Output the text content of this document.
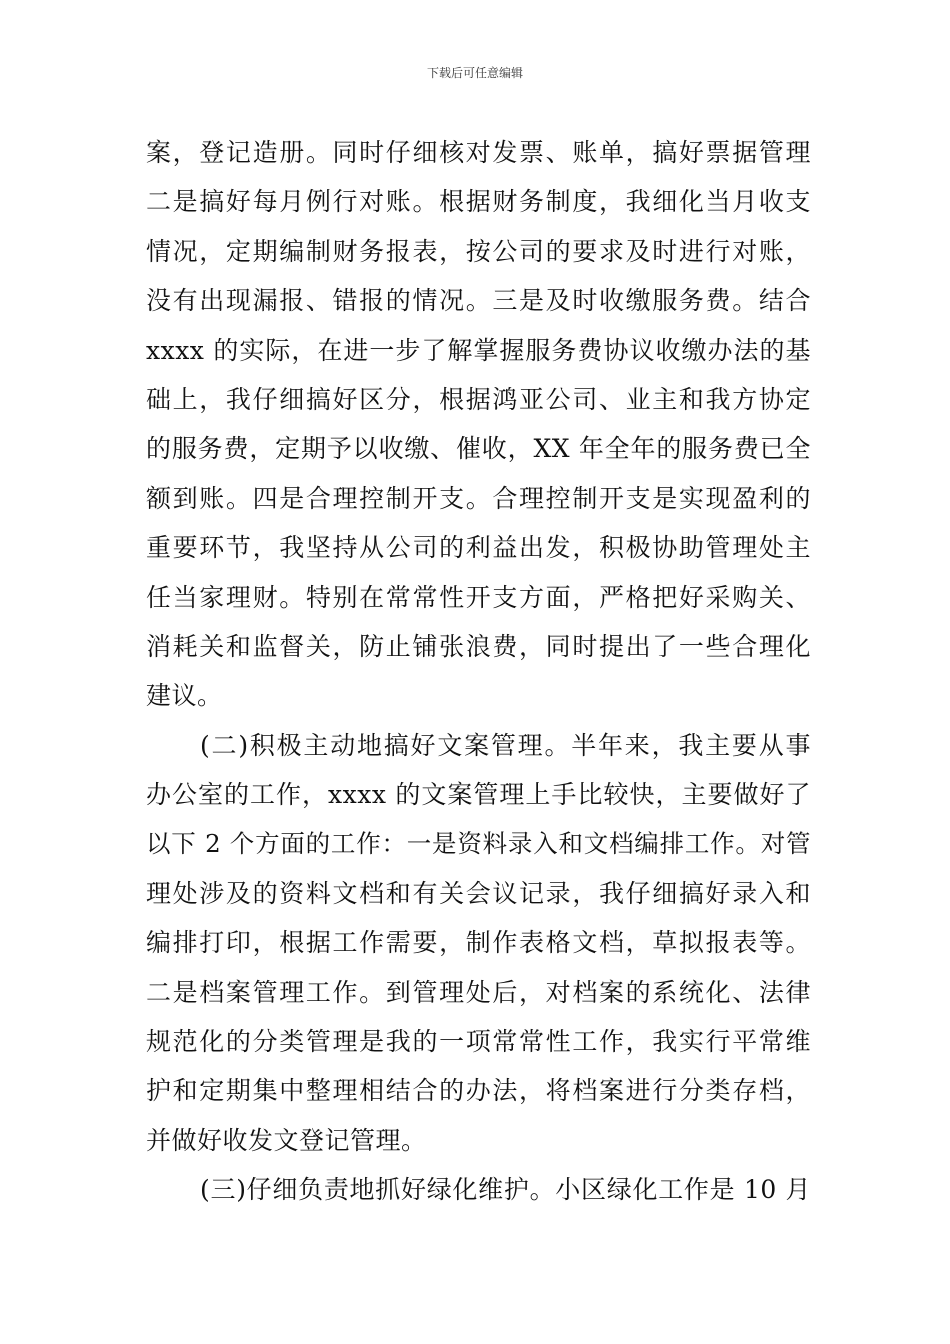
下载后可任意编辑
案，登记造册。同时仔细核对发票、账单，搞好票据管理
二是搞好每月例行对账。根据财务制度，我细化当月收支
情况，定期编制财务报表，按公司的要求及时进行对账，
没有出现漏报、错报的情况。三是及时收缴服务费。结合
xxxx 的实际，在进一步了解掌握服务费协议收缴办法的基
础上，我仔细搞好区分，根据鸿亚公司、业主和我方协定
的服务费，定期予以收缴、催收，XX 年全年的服务费已全
额到账。四是合理控制开支。合理控制开支是实现盈利的
重要环节，我坚持从公司的利益出发，积极协助管理处主
任当家理财。特别在常常性开支方面，严格把好采购关、
消耗关和监督关，防止铺张浪费，同时提出了一些合理化
建议。
(二)积极主动地搞好文案管理。半年来，我主要从事
办公室的工作，xxxx 的文案管理上手比较快，主要做好了
以下 2 个方面的工作：一是资料录入和文档编排工作。对管
理处涉及的资料文档和有关会议记录，我仔细搞好录入和
编排打印，根据工作需要，制作表格文档，草拟报表等。
二是档案管理工作。到管理处后，对档案的系统化、法律
规范化的分类管理是我的一项常常性工作，我实行平常维
护和定期集中整理相结合的办法，将档案进行分类存档，
并做好收发文登记管理。
(三)仔细负责地抓好绿化维护。小区绿化工作是 10 月
